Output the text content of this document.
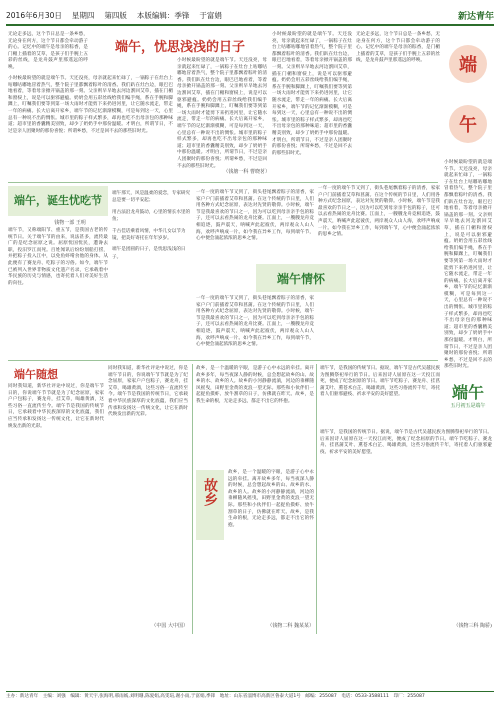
2016年6月30日 星期四 第四版 本版编辑：季锋 于富娟	新达青年
端
午
端午，忧思浅浅的日子
无论走多远，这个节日总是一条乡愁，无论身在何方，这个节日都会牵动游子的心。记忆中的端午是母亲的粽香，是门楣上插着的艾草，是孩子们手腕上五彩的丝线，是龙舟鼓声里那遥远的呼唤。
小时候最盼望的就是端午节。天还没亮，母亲就起来忙碌了，一锅粽子在灶台上咕嘟咕嘟地冒着热气，整个院子里都飘着粽叶的清香。我们趴在灶台边，眼巴巴地看着，等着母亲掀开锅盖的那一刻。父亲则早早地去河边割回艾草，插在门楣和窗棂上，说是可以驱邪避瘟。奶奶会用五彩丝线给我们编手绳，系在手腕和脚踝上，叮嘱我们要等到第一场大雨时才能剪下来扔进河里，让它随水流走，带走一年的病痛。长大后离开家乡，端午节的记忆渐渐模糊，可是每到这一天，心里总有一种说不出的惆怅。城市里的粽子样式繁多，却再也吃不出母亲包的那种味道；超市里的香囊精美别致，却少了奶奶手中那份温暖。才明白，所谓节日，不过是亲人团聚时的那份喜悦；所谓乡愁，不过是回不去的那些旧时光。
小时候最盼望的就是端午节。天还没亮，母亲就起来忙碌了，一锅粽子在灶台上咕嘟咕嘟地冒着热气，整个院子里都飘着粽叶的清香。我们趴在灶台边，眼巴巴地看着，等着母亲掀开锅盖的那一刻。父亲则早早地去河边割回艾草，插在门楣和窗棂上，说是可以驱邪避瘟。奶奶会用五彩丝线给我们编手绳，系在手腕和脚踝上，叮嘱我们要等到第一场大雨时才能剪下来扔进河里，让它随水流走，带走一年的病痛。长大后离开家乡，端午节的记忆渐渐模糊，可是每到这一天，心里总有一种说不出的惆怅。城市里的粽子样式繁多，却再也吃不出母亲包的那种味道；超市里的香囊精美别致，却少了奶奶手中那份温暖。才明白，所谓节日，不过是亲人团聚时的那份喜悦；所谓乡愁，不过是回不去的那些旧时光。
小时候最盼望的就是端午节。天还没亮，母亲就起来忙碌了，一锅粽子在灶台上咕嘟咕嘟地冒着热气，整个院子里都飘着粽叶的清香。我们趴在灶台边，眼巴巴地看着，等着母亲掀开锅盖的那一刻。父亲则早早地去河边割回艾草，插在门楣和窗棂上，说是可以驱邪避瘟。奶奶会用五彩丝线给我们编手绳，系在手腕和脚踝上，叮嘱我们要等到第一场大雨时才能剪下来扔进河里，让它随水流走，带走一年的病痛。长大后离开家乡，端午节的记忆渐渐模糊，可是每到这一天，心里总有一种说不出的惆怅。城市里的粽子样式繁多，却再也吃不出母亲包的那种味道；超市里的香囊精美别致，却少了奶奶手中那份温暖。才明白，所谓节日，不过是亲人团聚时的那份喜悦；所谓乡愁，不过是回不去的那些旧时光。
无论走多远，这个节日总是一条乡愁，无论身在何方，这个节日都会牵动游子的心。记忆中的端午是母亲的粽香，是门楣上插着的艾草，是孩子们手腕上五彩的丝线，是龙舟鼓声里那遥远的呼唤。
（钱塘一科 曹晓茗）
端午，诞生忧吃节
钱物一部 王明
端午节，又称端阳节、重五节，是我国古老的传统节日。关于端午节的由来，说法甚多，流传最广的是纪念屈原之说。屈原忧国忧民，遭谗去职，投汨罗江而死。百姓闻讯后纷纷划船打捞，并把粽子投入江中，以免鱼虾啃食他的身体。从此便有了赛龙舟、吃粽子的习俗。如今，端午节已被列入世界非物质文化遗产名录，它承载着中华民族的历史与情感，也寄托着人们对美好生活的向往。

端午那天，风是温柔的爱恋，专家研究总是要一切平安起；

用古法沿龙舟鼓动，心里的情长水里的鱼；

千古佳话乘着风情，中华儿女以节为镜，把美好寄托在年年岁岁。

端午是团圆的日子，是忧思浅浅的日子。

一年一度的端午节又到了，街头巷尾飘着粽子的清香，家家户户门前插着艾草和菖蒲。在这个传统的节日里，人们用各种方式纪念屈原，表达对先贤的敬仰。小时候，端午节是我最喜欢的节日之一，因为可以吃到母亲亲手包的粽子，还可以去看热闹的龙舟比赛。江面上，一艘艘龙舟竞相追逐，鼓声震天，呐喊声此起彼伏，两岸观众人山人海，欢呼声响成一片。如今我在异乡工作，每到端午节，心中便会涌起浓浓的思乡之情。
端午情怀
一年一度的端午节又到了，街头巷尾飘着粽子的清香，家家户户门前插着艾草和菖蒲。在这个传统的节日里，人们用各种方式纪念屈原，表达对先贤的敬仰。小时候，端午节是我最喜欢的节日之一，因为可以吃到母亲亲手包的粽子，还可以去看热闹的龙舟比赛。江面上，一艘艘龙舟竞相追逐，鼓声震天，呐喊声此起彼伏，两岸观众人山人海，欢呼声响成一片。如今我在异乡工作，每到端午节，心中便会涌起浓浓的思乡之情。
一年一度的端午节又到了，街头巷尾飘着粽子的清香，家家户户门前插着艾草和菖蒲。在这个传统的节日里，人们用各种方式纪念屈原，表达对先贤的敬仰。小时候，端午节是我最喜欢的节日之一，因为可以吃到母亲亲手包的粽子，还可以去看热闹的龙舟比赛。江面上，一艘艘龙舟竞相追逐，鼓声震天，呐喊声此起彼伏，两岸观众人山人海，欢呼声响成一片。如今我在异乡工作，每到端午节，心中便会涌起浓浓的思乡之情。
端午随想
同时我知道，新华社评论中说过，你是端午节日的，你说端午节节就是为了纪念屈原，家家户户包粽子，赛龙舟，挂艾草，喝雄黄酒，这些习俗一直流传至今。端午节是我国的传统节日，它承载着中华民族深厚的文化底蕴，我们应当传承和发扬这一传统文化，让它在新时代焕发出新的光彩。
同时我知道，新华社评论中说过，你是端午节日的，你说端午节节就是为了纪念屈原，家家户户包粽子，赛龙舟，挂艾草，喝雄黄酒，这些习俗一直流传至今。端午节是我国的传统节日，它承载着中华民族深厚的文化底蕴，我们应当传承和发扬这一传统文化，让它在新时代焕发出新的光彩。
（中国 大中国）
故乡，是一个温暖的字眼，是游子心中永远的牵挂。离开故乡多年，每当夜深人静的时候，总会想起故乡的山、故乡的水、故乡的人。故乡的小河静静流淌，河边的垂柳随风摇曳，田野里金黄的麦浪一望无际。那些和小伙伴们一起捉鱼摸虾、放牛割草的日子，仿佛就在昨天。故乡，是我生命的根，无论走多远，都走不出它的怀抱。
故乡
故乡，是一个温暖的字眼，是游子心中永远的牵挂。离开故乡多年，每当夜深人静的时候，总会想起故乡的山、故乡的水、故乡的人。故乡的小河静静流淌，河边的垂柳随风摇曳，田野里金黄的麦浪一望无际。那些和小伙伴们一起捉鱼摸虾、放牛割草的日子，仿佛就在昨天。故乡，是我生命的根，无论走多远，都走不出它的怀抱。
（钱物二科 魏某某）
端午节，是我国的传统节日。据说，端午节是古代吴越民族为图腾祭祀举行的节日。后来因诗人屈原在这一天投江而死，便成了纪念屈原的节日。端午节吃粽子、赛龙舟、挂菖蒲艾叶、熏苍术白芷、喝雄黄酒，这些习俗流传千年，寄托着人们驱邪避疫、祈求平安的美好愿望。	端午
五月初五是端午
端午节，是我国的传统节日。据说，端午节是古代吴越民族为图腾祭祀举行的节日。后来因诗人屈原在这一天投江而死，便成了纪念屈原的节日。端午节吃粽子、赛龙舟、挂菖蒲艾叶、熏苍术白芷、喝雄黄酒，这些习俗流传千年，寄托着人们驱邪避疫、祈求平安的美好愿望。
（钱物三科 陶骄)
小时候最盼望的就是端午节。天还没亮，母亲就起来忙碌了，一锅粽子在灶台上咕嘟咕嘟地冒着热气，整个院子里都飘着粽叶的清香。我们趴在灶台边，眼巴巴地看着，等着母亲掀开锅盖的那一刻。父亲则早早地去河边割回艾草，插在门楣和窗棂上，说是可以驱邪避瘟。奶奶会用五彩丝线给我们编手绳，系在手腕和脚踝上，叮嘱我们要等到第一场大雨时才能剪下来扔进河里，让它随水流走，带走一年的病痛。长大后离开家乡，端午节的记忆渐渐模糊，可是每到这一天，心里总有一种说不出的惆怅。城市里的粽子样式繁多，却再也吃不出母亲包的那种味道；超市里的香囊精美别致，却少了奶奶手中那份温暖。才明白，所谓节日，不过是亲人团聚时的那份喜悦；所谓乡愁，不过是回不去的那些旧时光。
主办：新达青年　主编：刘强　编辑：黄天宇,张海明,邢雨嫣,刘明珊,陈爱娟,高雯瑄,谢小雨,于富娟,季锋　地址：山东省淄博市高新区鲁泰大道1号　邮编：255087　电话：0533-3588111　印厂：255087
